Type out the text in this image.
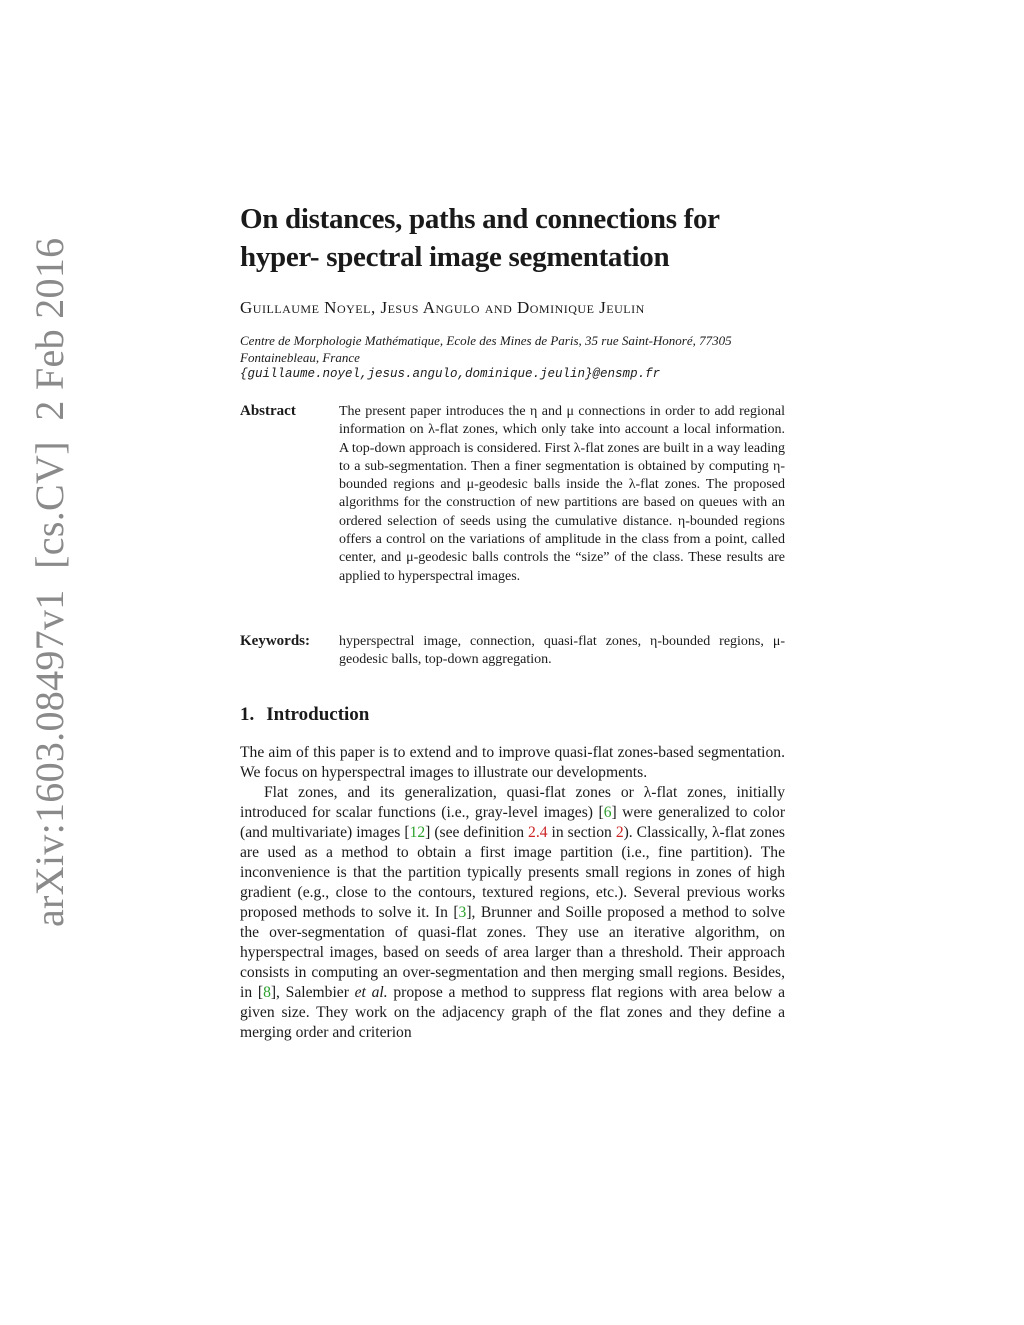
arXiv:1603.08497v1  [cs.CV]  2 Feb 2016
On distances, paths and connections for hyper- spectral image segmentation
Guillaume Noyel, Jesus Angulo and Dominique Jeulin
Centre de Morphologie Mathématique, Ecole des Mines de Paris, 35 rue Saint-Honoré, 77305 Fontainebleau, France
{guillaume.noyel,jesus.angulo,dominique.jeulin}@ensmp.fr
Abstract	The present paper introduces the η and μ connections in order to add regional information on λ-flat zones, which only take into account a local information. A top-down approach is considered. First λ-flat zones are built in a way leading to a sub-segmentation. Then a finer segmentation is obtained by computing η-bounded regions and μ-geodesic balls inside the λ-flat zones. The proposed algorithms for the construction of new partitions are based on queues with an ordered selection of seeds using the cumulative distance. η-bounded regions offers a control on the variations of amplitude in the class from a point, called center, and μ-geodesic balls controls the “size” of the class. These results are applied to hyperspectral images.
Keywords: hyperspectral image, connection, quasi-flat zones, η-bounded regions, μ-geodesic balls, top-down aggregation.
1. Introduction

The aim of this paper is to extend and to improve quasi-flat zones-based segmentation. We focus on hyperspectral images to illustrate our developments.

Flat zones, and its generalization, quasi-flat zones or λ-flat zones, initially introduced for scalar functions (i.e., gray-level images) [6] were generalized to color (and multivariate) images [12] (see definition 2.4 in section 2). Classically, λ-flat zones are used as a method to obtain a first image partition (i.e., fine partition). The inconvenience is that the partition typically presents small regions in zones of high gradient (e.g., close to the contours, textured regions, etc.). Several previous works proposed methods to solve it. In [3], Brunner and Soille proposed a method to solve the over-segmentation of quasi-flat zones. They use an iterative algorithm, on hyperspectral images, based on seeds of area larger than a threshold. Their approach consists in computing an over-segmentation and then merging small regions. Besides, in [8], Salembier et al. propose a method to suppress flat regions with area below a given size. They work on the adjacency graph of the flat zones and they define a merging order and criterion
